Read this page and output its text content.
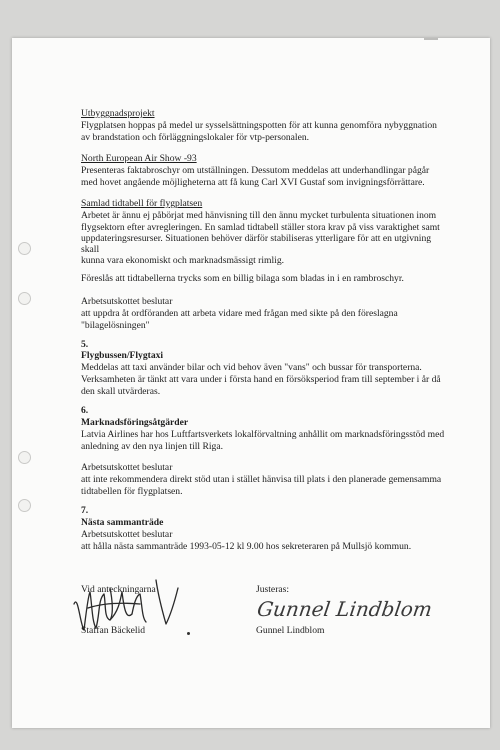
Utbyggnadsprojekt
Flygplatsen hoppas på medel ur sysselsättningspotten för att kunna genomföra nybyggnation
av brandstation och förläggningslokaler för vtp-personalen.
North European Air Show -93
Presenteras faktabroschyr om utställningen. Dessutom meddelas att underhandlingar pågår
med hovet angående möjligheterna att få kung Carl XVI Gustaf som invigningsförrättare.
Samlad tidtabell för flygplatsen
Arbetet är ännu ej påbörjat med hänvisning till den ännu mycket turbulenta situationen inom
flygsektorn efter avregleringen. En samlad tidtabell ställer stora krav på viss varaktighet samt
uppdateringsresurser. Situationen behöver därför stabiliseras ytterligare för att en utgivning
skall
kunna vara ekonomiskt och marknadsmässigt rimlig.
Föreslås att tidtabellerna trycks som en billig bilaga som bladas in i en rambroschyr.
Arbetsutskottet beslutar
att uppdra åt ordföranden att arbeta vidare med frågan med sikte på den föreslagna
"bilagelösningen"
5.
Flygbussen/Flygtaxi
Meddelas att taxi använder bilar och vid behov även "vans" och bussar för transporterna.
Verksamheten är tänkt att vara under i första hand en försöksperiod fram till september i år då
den skall utvärderas.
6.
Marknadsföringsåtgärder
Latvia Airlines har hos Luftfartsverkets lokalförvaltning anhållit om marknadsföringsstöd med
anledning av den nya linjen till Riga.
Arbetsutskottet beslutar
att inte rekommendera direkt stöd utan i stället hänvisa till plats i den planerade gemensamma
tidtabellen för flygplatsen.
7.
Nästa sammanträde
Arbetsutskottet beslutar
att hålla nästa sammanträde 1993-05-12 kl 9.00 hos sekreteraren på Mullsjö kommun.
Vid anteckningarna	Justeras:
Gunnel Lindblom
Staffan Bäckelid	Gunnel Lindblom
